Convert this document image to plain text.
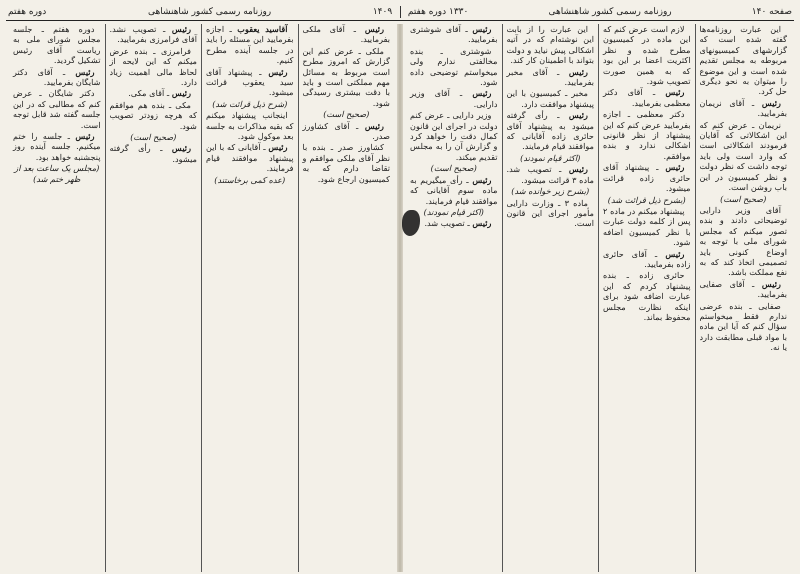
صفحه ۱۴۰
روزنامه رسمی کشور شاهنشاهی
۱۳۳۰ دوره هفتم
۱۴۰۹
روزنامه رسمی کشور شاهنشاهی
دوره هفتم

این عبارت روزنامه‌ها گفته شده است که گزارشهای کمیسیونهای مربوطه به مجلس تقدیم شده است و این موضوع را میتوان به نحو دیگری حل کرد.

رئیس ـ آقای نریمان بفرمایید.

نریمان ـ عرض کنم که این اشکالاتی که آقایان فرمودند اشکالاتی است که وارد است ولی باید توجه داشت که نظر دولت و نظر کمیسیون در این باب روشن است.

(صحیح است)

آقای وزیر دارایی توضیحاتی دادند و بنده تصور میکنم که مجلس شورای ملی با توجه به اوضاع کنونی باید تصمیمی اتخاذ کند که به نفع مملکت باشد.

رئیس ـ آقای صفایی بفرمایید.

صفایی ـ بنده عرضی ندارم فقط میخواستم سؤال کنم که آیا این ماده با مواد قبلی مطابقت دارد یا نه.

لازم است عرض کنم که این ماده در کمیسیون مطرح شده و نظر اکثریت اعضا بر این بود که به همین صورت تصویب شود.

رئیس ـ آقای دکتر معظمی بفرمایید.

دکتر معظمی ـ اجازه بفرمایید عرض کنم که این پیشنهاد از نظر قانونی اشکالی ندارد و بنده موافقم.

رئیس ـ پیشنهاد آقای حائری زاده قرائت میشود.

(بشرح ذیل قرائت شد)

پیشنهاد میکنم در ماده ۲ پس از کلمه دولت عبارت با نظر کمیسیون اضافه شود.

رئیس ـ آقای حائری زاده بفرمایید.

حائری زاده ـ بنده پیشنهاد کردم که این عبارت اضافه شود برای اینکه نظارت مجلس محفوظ بماند.

این عبارت را از بابت این نوشته‌ام که در آتیه اشکالی پیش نیاید و دولت بتواند با اطمینان کار کند.

رئیس ـ آقای مخبر بفرمایید.

مخبر ـ کمیسیون با این پیشنهاد موافقت دارد.

رئیس ـ رأی گرفته میشود به پیشنهاد آقای حائری زاده آقایانی که موافقند قیام فرمایند.

(اکثر قیام نمودند)

رئیس ـ تصویب شد. ماده ۳ قرائت میشود.

(بشرح زیر خوانده شد)

ماده ۳ ـ وزارت دارایی مأمور اجرای این قانون است.

رئیس ـ آقای شوشتری بفرمایید.

شوشتری ـ بنده مخالفتی ندارم ولی میخواستم توضیحی داده شود.

رئیس ـ آقای وزیر دارایی.

وزیر دارایی ـ عرض کنم دولت در اجرای این قانون کمال دقت را خواهد کرد و گزارش آن را به مجلس تقدیم میکند.

(صحیح است)

رئیس ـ رأی میگیریم به ماده سوم آقایانی که موافقند قیام فرمایند.

(اکثر قیام نمودند)

رئیس ـ تصویب شد.

رئیس ـ آقای ملکی بفرمایید.

ملکی ـ عرض کنم این گزارش که امروز مطرح است مربوط به مسائل مهم مملکتی است و باید با دقت بیشتری رسیدگی شود.

(صحیح است)

رئیس ـ آقای کشاورز صدر.

کشاورز صدر ـ بنده با نظر آقای ملکی موافقم و تقاضا دارم که به کمیسیون ارجاع شود.

آقاسید یعقوب ـ اجازه بفرمایید این مسئله را باید در جلسه آینده مطرح کنیم.

رئیس ـ پیشنهاد آقای سید یعقوب قرائت میشود.

(شرح ذیل قرائت شد)

اینجانب پیشنهاد میکنم که بقیه مذاکرات به جلسه بعد موکول شود.

رئیس ـ آقایانی که با این پیشنهاد موافقند قیام فرمایند.

(عده کمی برخاستند)

رئیس ـ تصویب نشد. آقای فرامرزی بفرمایید.

فرامرزی ـ بنده عرض میکنم که این لایحه از لحاظ مالی اهمیت زیاد دارد.

رئیس ـ آقای مکی.

مکی ـ بنده هم موافقم که هرچه زودتر تصویب شود.

(صحیح است)

رئیس ـ رأی گرفته میشود.

دوره هفتم ـ جلسه مجلس شورای ملی به ریاست آقای رئیس تشکیل گردید.

رئیس ـ آقای دکتر شایگان بفرمایید.

دکتر شایگان ـ عرض کنم که مطالبی که در این جلسه گفته شد قابل توجه است.

رئیس ـ جلسه را ختم میکنیم. جلسه آینده روز پنجشنبه خواهد بود.

(مجلس یک ساعت بعد از ظهر ختم شد)
